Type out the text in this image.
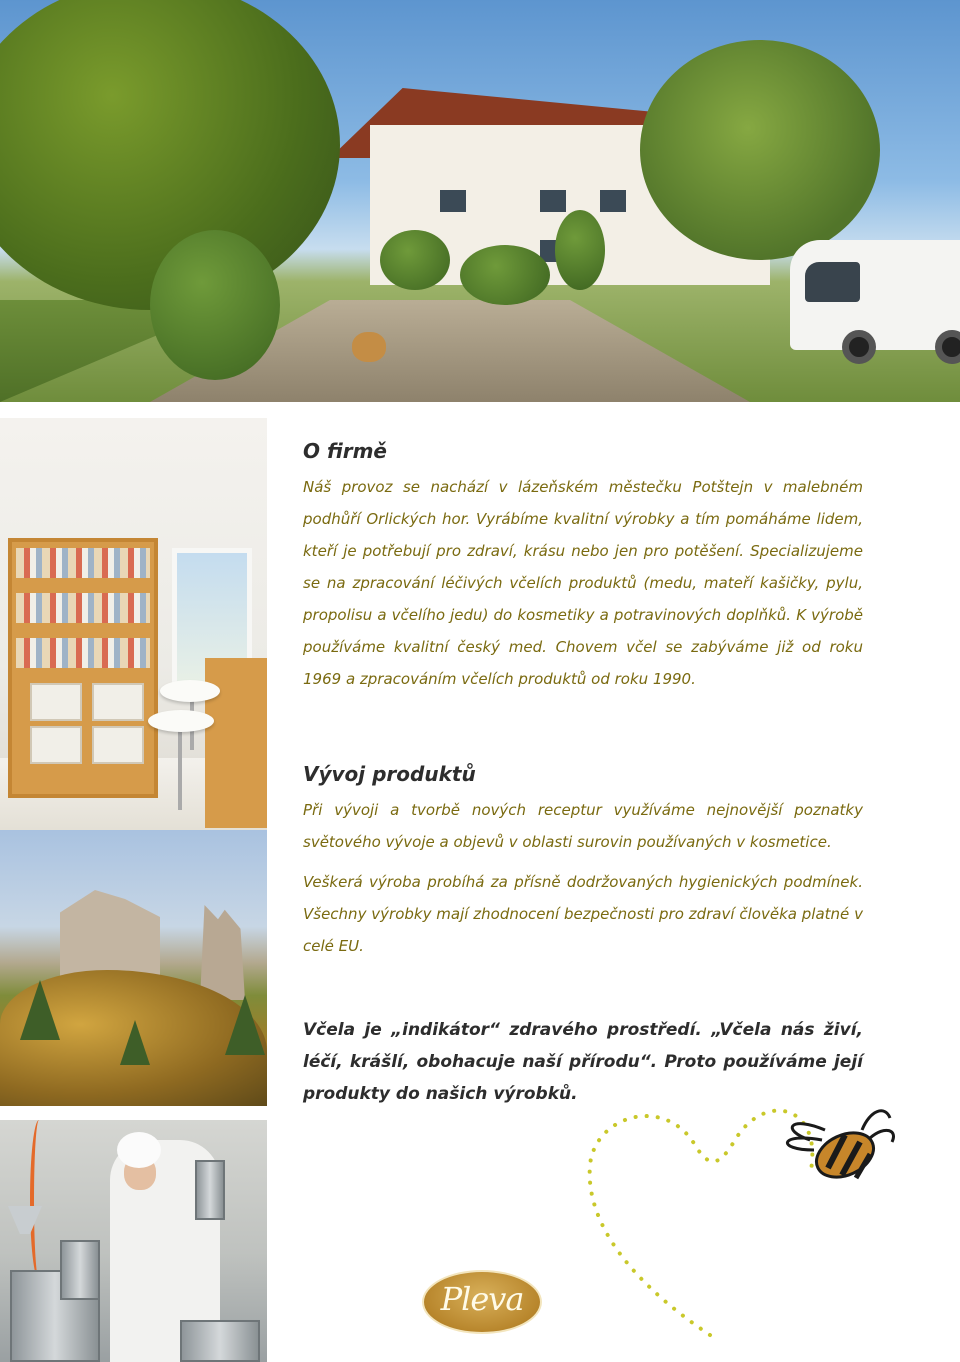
O firmě

Náš provoz se nachází v lázeňském městečku Potštejn v malebném podhůří Orlických hor. Vyrábíme kvalitní výrobky a tím pomáháme lidem, kteří je potřebují pro zdraví, krásu nebo jen pro potěšení. Specializujeme se na zpracování léčivých včelích produktů (medu, mateří kašičky, pylu, propolisu a včelího jedu) do kosmetiky a potravinových doplňků. K výrobě používáme kvalitní český med. Chovem včel se zabýváme již od roku 1969 a zpracováním včelích produktů od roku 1990.

Vývoj produktů

Při vývoji a tvorbě nových receptur využíváme nejnovější poznatky světového vývoje a objevů v oblasti surovin používaných v kosmetice.

Veškerá výroba probíhá za přísně dodržovaných hygienických podmínek. Všechny výrobky mají zhodnocení bezpečnosti pro zdraví člověka platné v celé EU.

Včela je „indikátor“ zdravého prostředí. „Včela nás živí, léčí, krášlí, obohacuje naší přírodu“. Proto používáme její produkty do našich výrobků.

Pleva
